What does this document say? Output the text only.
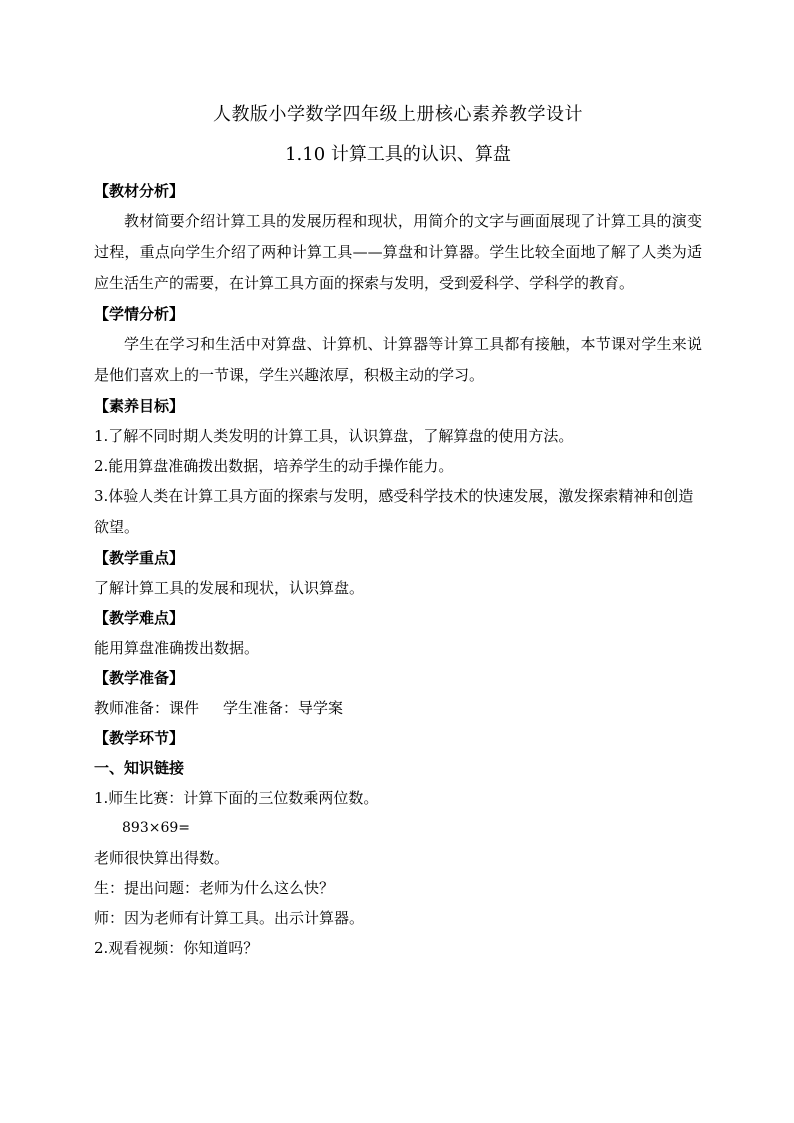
人教版小学数学四年级上册核心素养教学设计
1.10 计算工具的认识、算盘
【教材分析】

教材简要介绍计算工具的发展历程和现状，用简介的文字与画面展现了计算工具的演变过程，重点向学生介绍了两种计算工具——算盘和计算器。学生比较全面地了解了人类为适应生活生产的需要，在计算工具方面的探索与发明，受到爱科学、学科学的教育。

【学情分析】

学生在学习和生活中对算盘、计算机、计算器等计算工具都有接触，本节课对学生来说是他们喜欢上的一节课，学生兴趣浓厚，积极主动的学习。

【素养目标】

1.了解不同时期人类发明的计算工具，认识算盘，了解算盘的使用方法。

2.能用算盘准确拨出数据，培养学生的动手操作能力。

3.体验人类在计算工具方面的探索与发明，感受科学技术的快速发展，激发探索精神和创造欲望。

【教学重点】

了解计算工具的发展和现状，认识算盘。

【教学难点】

能用算盘准确拨出数据。

【教学准备】

教师准备：课件 学生准备：导学案

【教学环节】

一、知识链接

1.师生比赛：计算下面的三位数乘两位数。

893×69=

老师很快算出得数。

生：提出问题：老师为什么这么快？

师：因为老师有计算工具。出示计算器。

2.观看视频：你知道吗？
